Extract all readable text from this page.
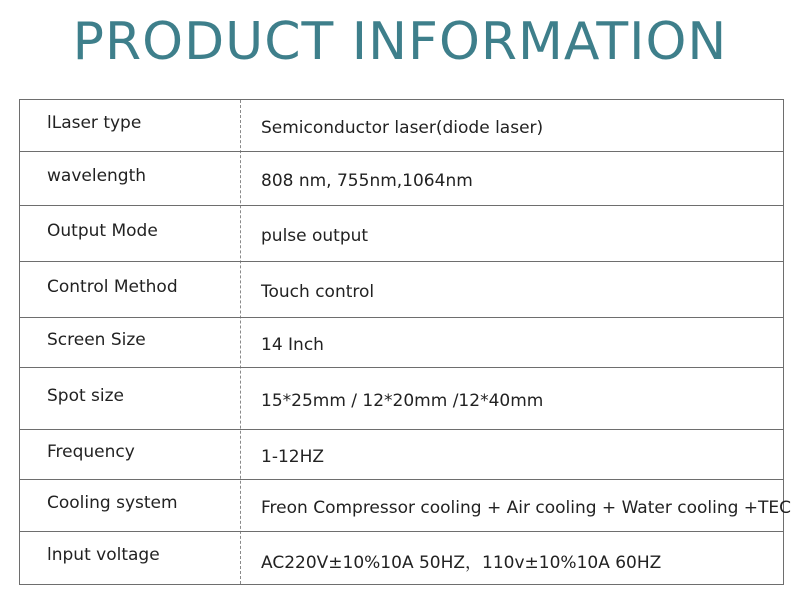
PRODUCT INFORMATION
lLaser type	Semiconductor laser(diode laser)
wavelength	808 nm, 755nm,1064nm
Output Mode	pulse output
Control Method	Touch control
Screen Size	14 Inch
Spot size	15*25mm / 12*20mm /12*40mm
Frequency	1-12HZ
Cooling system	Freon Compressor cooling + Air cooling + Water cooling +TEC
lnput voltage	AC220V±10%10A 50HZ，110v±10%10A 60HZ
